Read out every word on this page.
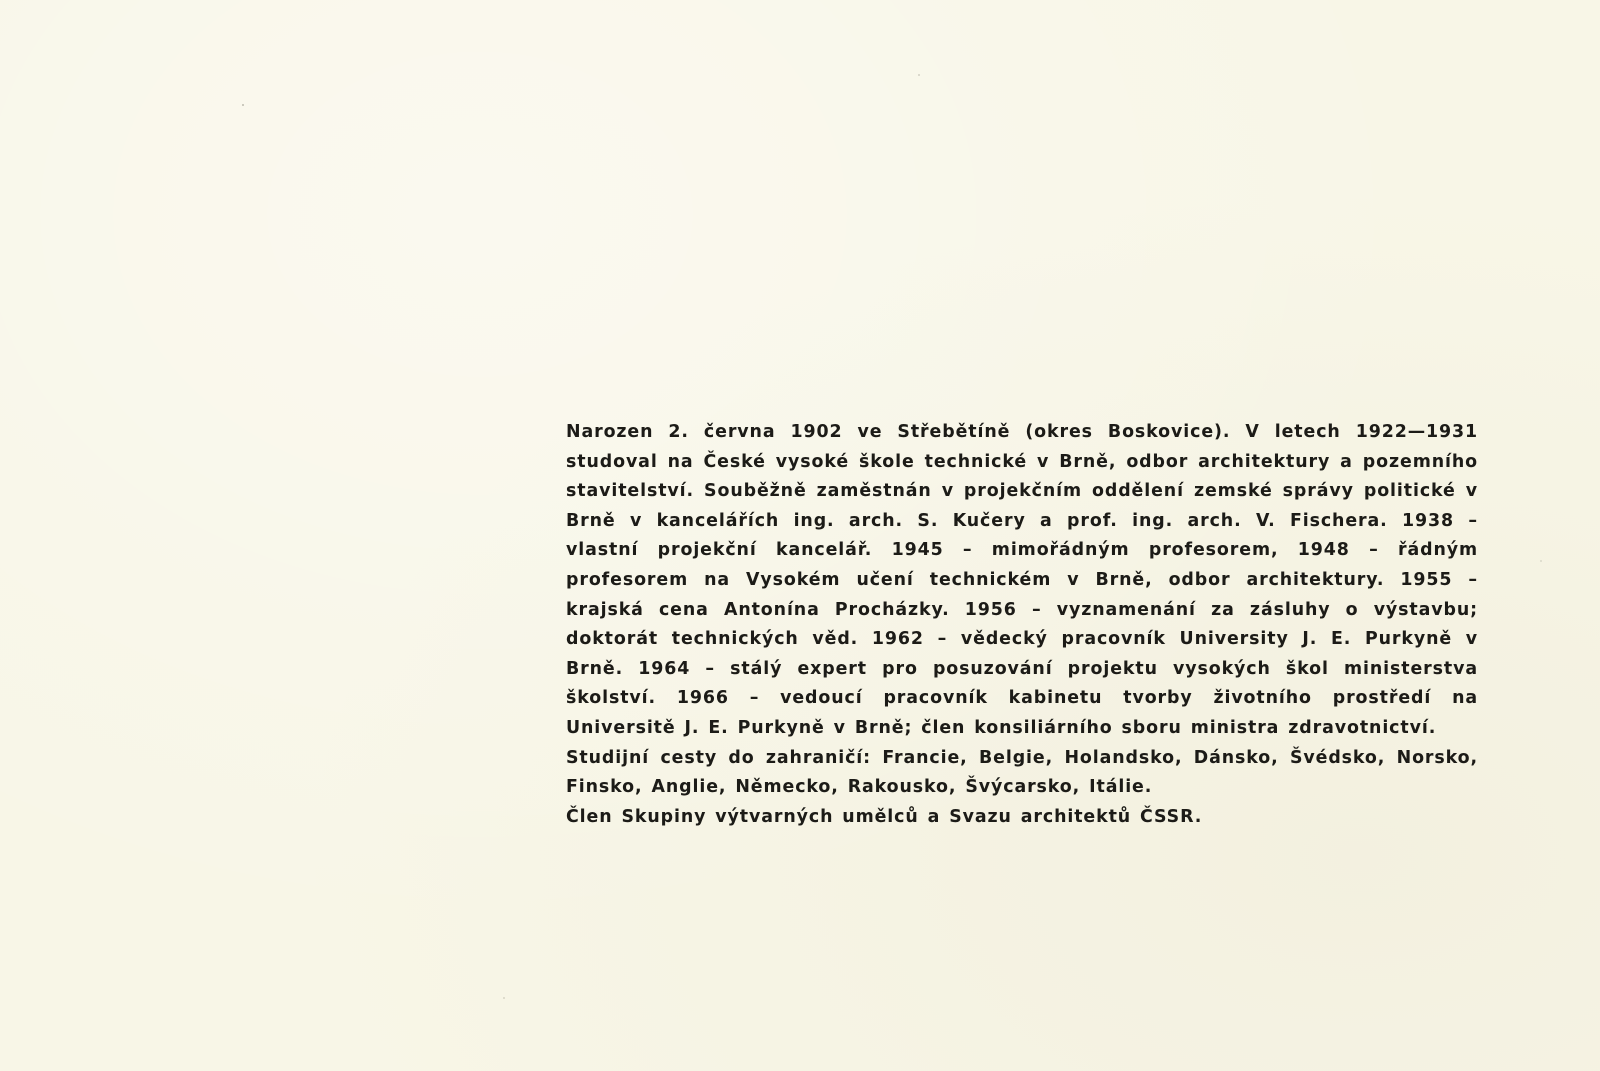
Narozen 2. června 1902 ve Střebětíně (okres Boskovice). V letech 1922—1931 studoval na České vysoké škole technické v Brně, odbor architektury a pozemního stavitelství. Souběžně zaměstnán v projekčním oddělení zemské správy politické v Brně v kancelářích ing. arch. S. Kučery a prof. ing. arch. V. Fischera. 1938 – vlastní projekční kancelář. 1945 – mimořádným profesorem, 1948 – řádným profesorem na Vysokém učení technickém v Brně, odbor architektury. 1955 – krajská cena Antonína Procházky. 1956 – vyznamenání za zásluhy o výstavbu; doktorát technických věd. 1962 – vědecký pracovník University J. E. Purkyně v Brně. 1964 – stálý expert pro posuzování projektu vysokých škol ministerstva školství. 1966 – vedoucí pracovník kabinetu tvorby životního prostředí na Universitě J. E. Purkyně v Brně; člen konsiliárního sboru ministra zdravotnictví.

Studijní cesty do zahraničí: Francie, Belgie, Holandsko, Dánsko, Švédsko, Norsko, Finsko, Anglie, Německo, Rakousko, Švýcarsko, Itálie.

Člen Skupiny výtvarných umělců a Svazu architektů ČSSR.
